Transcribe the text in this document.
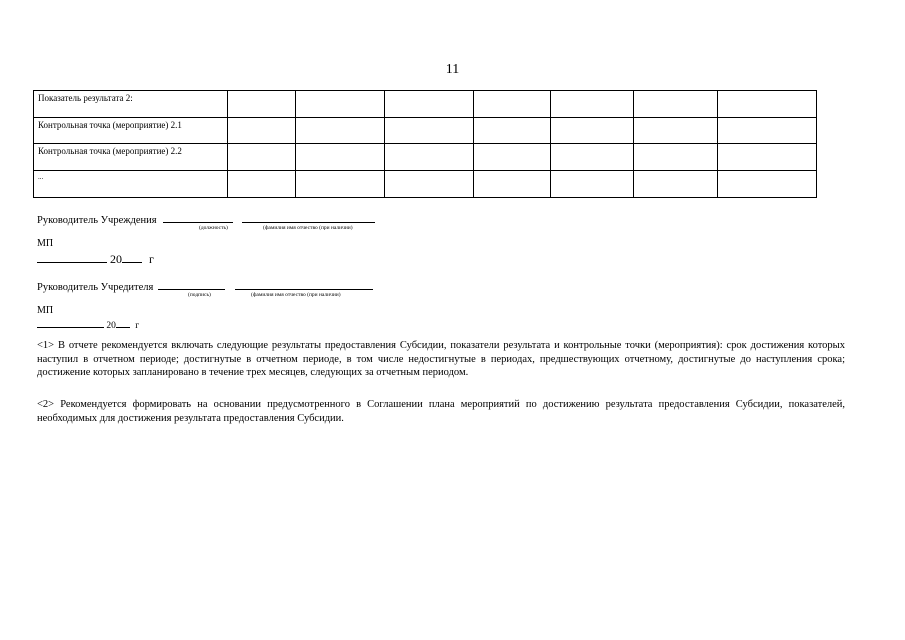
11
Показатель результата 2:							
Контрольная точка (мероприятие) 2.1							
Контрольная точка (мероприятие) 2.2							
...							
Руководитель Учреждения
(должность)	(фамилия имя отчество (при наличии)
МП
20 г
Руководитель Учредителя
(подпись)	(фамилия имя отчество (при наличии)
МП
20 г

<1> В отчете рекомендуется включать следующие результаты предоставления Субсидии, показатели результата и контрольные точки (мероприятия): срок достижения которых наступил в отчетном периоде; достигнутые в отчетном периоде, в том числе недостигнутые в периодах, предшествующих отчетному, достигнутые до наступления срока; достижение которых запланировано в течение трех месяцев, следующих за отчетным периодом.

<2> Рекомендуется формировать на основании предусмотренного в Соглашении плана мероприятий по достижению результата предоставления Субсидии, показателей, необходимых для достижения результата предоставления Субсидии.
